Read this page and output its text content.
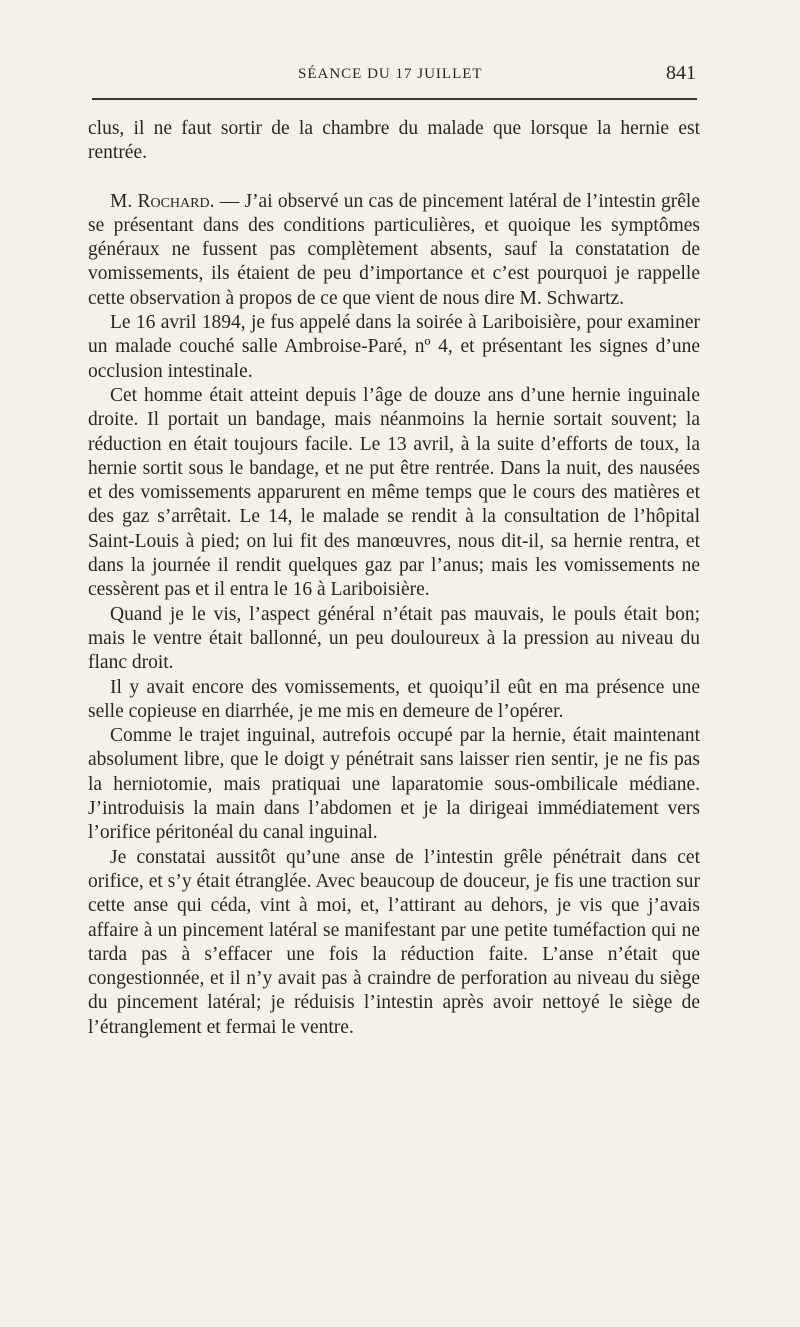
SÉANCE DU 17 JUILLET	841

clus, il ne faut sortir de la chambre du malade que lorsque la hernie est rentrée.

M. Rochard. — J’ai observé un cas de pincement latéral de l’intestin grêle se présentant dans des conditions particulières, et quoique les symptômes généraux ne fussent pas complètement absents, sauf la constatation de vomissements, ils étaient de peu d’importance et c’est pourquoi je rappelle cette observation à propos de ce que vient de nous dire M. Schwartz.

Le 16 avril 1894, je fus appelé dans la soirée à Lariboisière, pour examiner un malade couché salle Ambroise-Paré, nº 4, et présentant les signes d’une occlusion intestinale.

Cet homme était atteint depuis l’âge de douze ans d’une hernie inguinale droite. Il portait un bandage, mais néanmoins la hernie sortait souvent; la réduction en était toujours facile. Le 13 avril, à la suite d’efforts de toux, la hernie sortit sous le bandage, et ne put être rentrée. Dans la nuit, des nausées et des vomissements apparurent en même temps que le cours des matières et des gaz s’arrêtait. Le 14, le malade se rendit à la consultation de l’hôpital Saint-Louis à pied; on lui fit des manœuvres, nous dit-il, sa hernie rentra, et dans la journée il rendit quelques gaz par l’anus; mais les vomissements ne cessèrent pas et il entra le 16 à Lariboisière.

Quand je le vis, l’aspect général n’était pas mauvais, le pouls était bon; mais le ventre était ballonné, un peu douloureux à la pression au niveau du flanc droit.

Il y avait encore des vomissements, et quoiqu’il eût en ma présence une selle copieuse en diarrhée, je me mis en demeure de l’opérer.

Comme le trajet inguinal, autrefois occupé par la hernie, était maintenant absolument libre, que le doigt y pénétrait sans laisser rien sentir, je ne fis pas la herniotomie, mais pratiquai une laparatomie sous-ombilicale médiane. J’introduisis la main dans l’abdomen et je la dirigeai immédiatement vers l’orifice péritonéal du canal inguinal.

Je constatai aussitôt qu’une anse de l’intestin grêle pénétrait dans cet orifice, et s’y était étranglée. Avec beaucoup de douceur, je fis une traction sur cette anse qui céda, vint à moi, et, l’attirant au dehors, je vis que j’avais affaire à un pincement latéral se manifestant par une petite tuméfaction qui ne tarda pas à s’effacer une fois la réduction faite. L’anse n’était que congestionnée, et il n’y avait pas à craindre de perforation au niveau du siège du pincement latéral; je réduisis l’intestin après avoir nettoyé le siège de l’étranglement et fermai le ventre.
